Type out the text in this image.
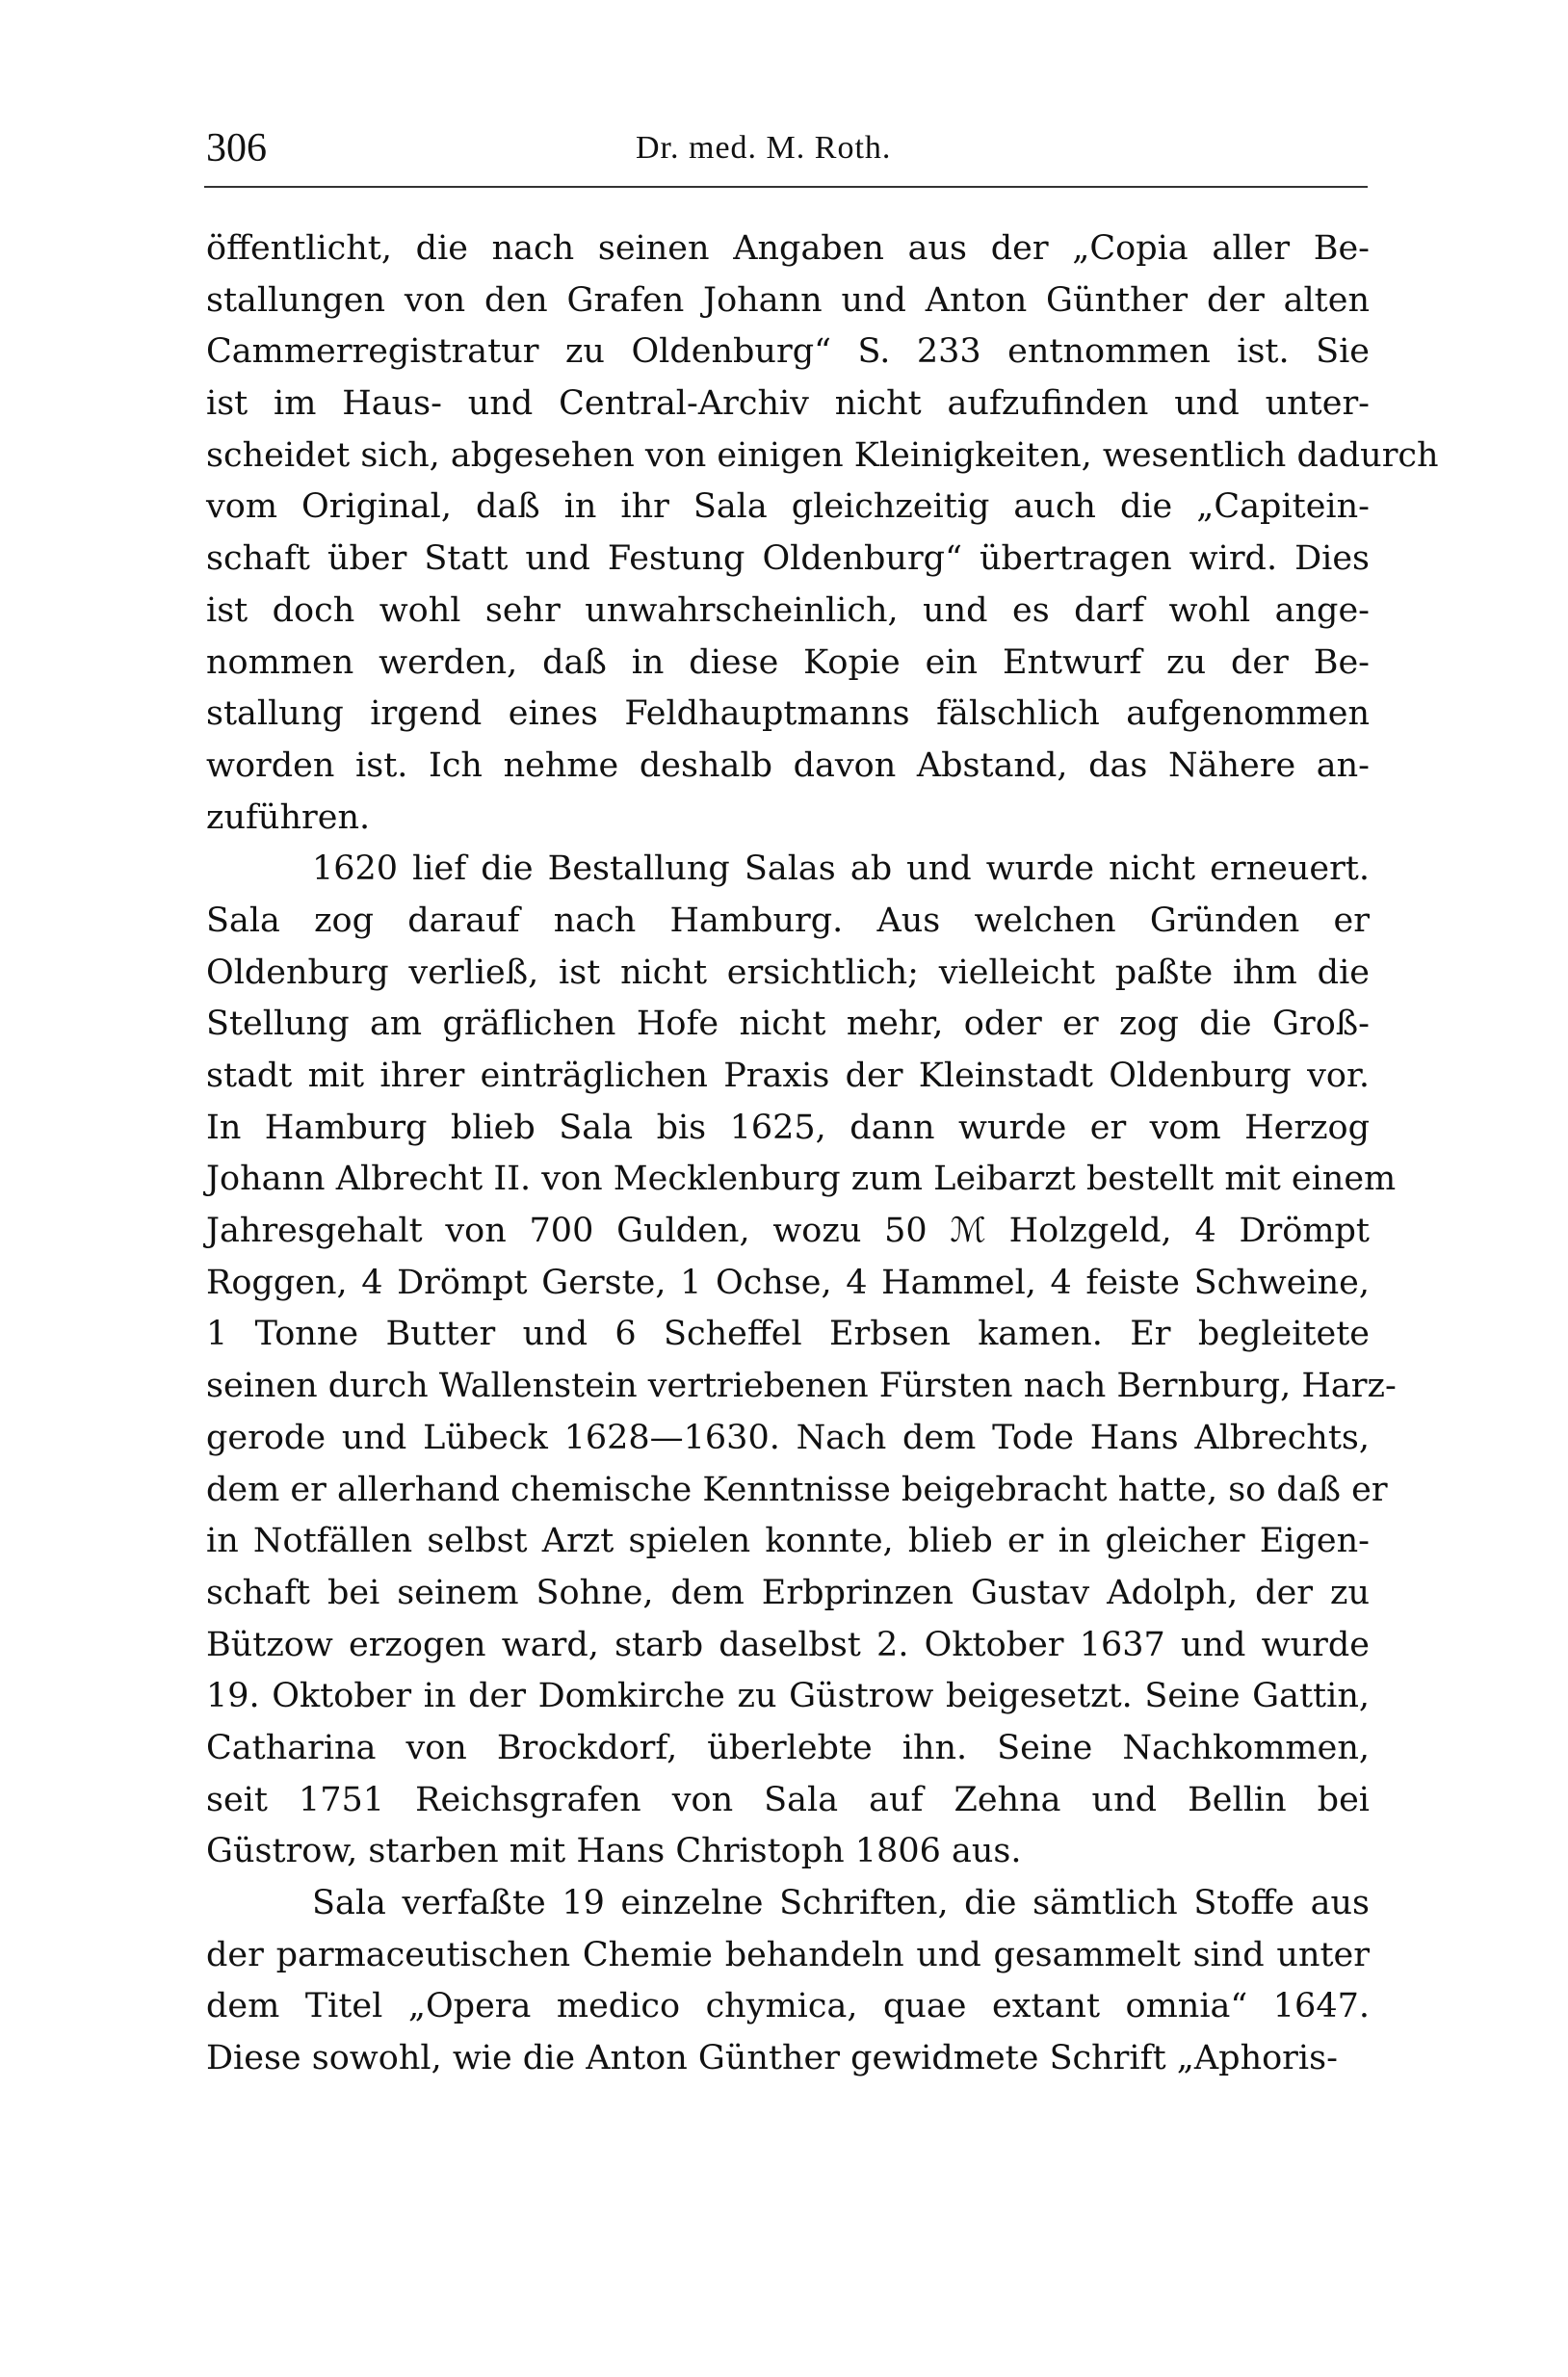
306	Dr. med. M. Roth.
öffentlicht, die nach seinen Angaben aus der „Copia aller Be-
stallungen von den Grafen Johann und Anton Günther der alten
Cammerregistratur zu Oldenburg“ S. 233 entnommen ist. Sie
ist im Haus- und Central-Archiv nicht aufzufinden und unter-
scheidet sich, abgesehen von einigen Kleinigkeiten, wesentlich dadurch
vom Original, daß in ihr Sala gleichzeitig auch die „Capitein-
schaft über Statt und Festung Oldenburg“ übertragen wird. Dies
ist doch wohl sehr unwahrscheinlich, und es darf wohl ange-
nommen werden, daß in diese Kopie ein Entwurf zu der Be-
stallung irgend eines Feldhauptmanns fälschlich aufgenommen
worden ist. Ich nehme deshalb davon Abstand, das Nähere an-
zuführen.
1620 lief die Bestallung Salas ab und wurde nicht erneuert.
Sala zog darauf nach Hamburg. Aus welchen Gründen er
Oldenburg verließ, ist nicht ersichtlich; vielleicht paßte ihm die
Stellung am gräflichen Hofe nicht mehr, oder er zog die Groß-
stadt mit ihrer einträglichen Praxis der Kleinstadt Oldenburg vor.
In Hamburg blieb Sala bis 1625, dann wurde er vom Herzog
Johann Albrecht II. von Mecklenburg zum Leibarzt bestellt mit einem
Jahresgehalt von 700 Gulden, wozu 50 ℳ Holzgeld, 4 Drömpt
Roggen, 4 Drömpt Gerste, 1 Ochse, 4 Hammel, 4 feiste Schweine,
1 Tonne Butter und 6 Scheffel Erbsen kamen. Er begleitete
seinen durch Wallenstein vertriebenen Fürsten nach Bernburg, Harz-
gerode und Lübeck 1628—1630. Nach dem Tode Hans Albrechts,
dem er allerhand chemische Kenntnisse beigebracht hatte, so daß er
in Notfällen selbst Arzt spielen konnte, blieb er in gleicher Eigen-
schaft bei seinem Sohne, dem Erbprinzen Gustav Adolph, der zu
Bützow erzogen ward, starb daselbst 2. Oktober 1637 und wurde
19. Oktober in der Domkirche zu Güstrow beigesetzt. Seine Gattin,
Catharina von Brockdorf, überlebte ihn. Seine Nachkommen,
seit 1751 Reichsgrafen von Sala auf Zehna und Bellin bei
Güstrow, starben mit Hans Christoph 1806 aus.
Sala verfaßte 19 einzelne Schriften, die sämtlich Stoffe aus
der parmaceutischen Chemie behandeln und gesammelt sind unter
dem Titel „Opera medico chymica, quae extant omnia“ 1647.
Diese sowohl, wie die Anton Günther gewidmete Schrift „Aphoris-
